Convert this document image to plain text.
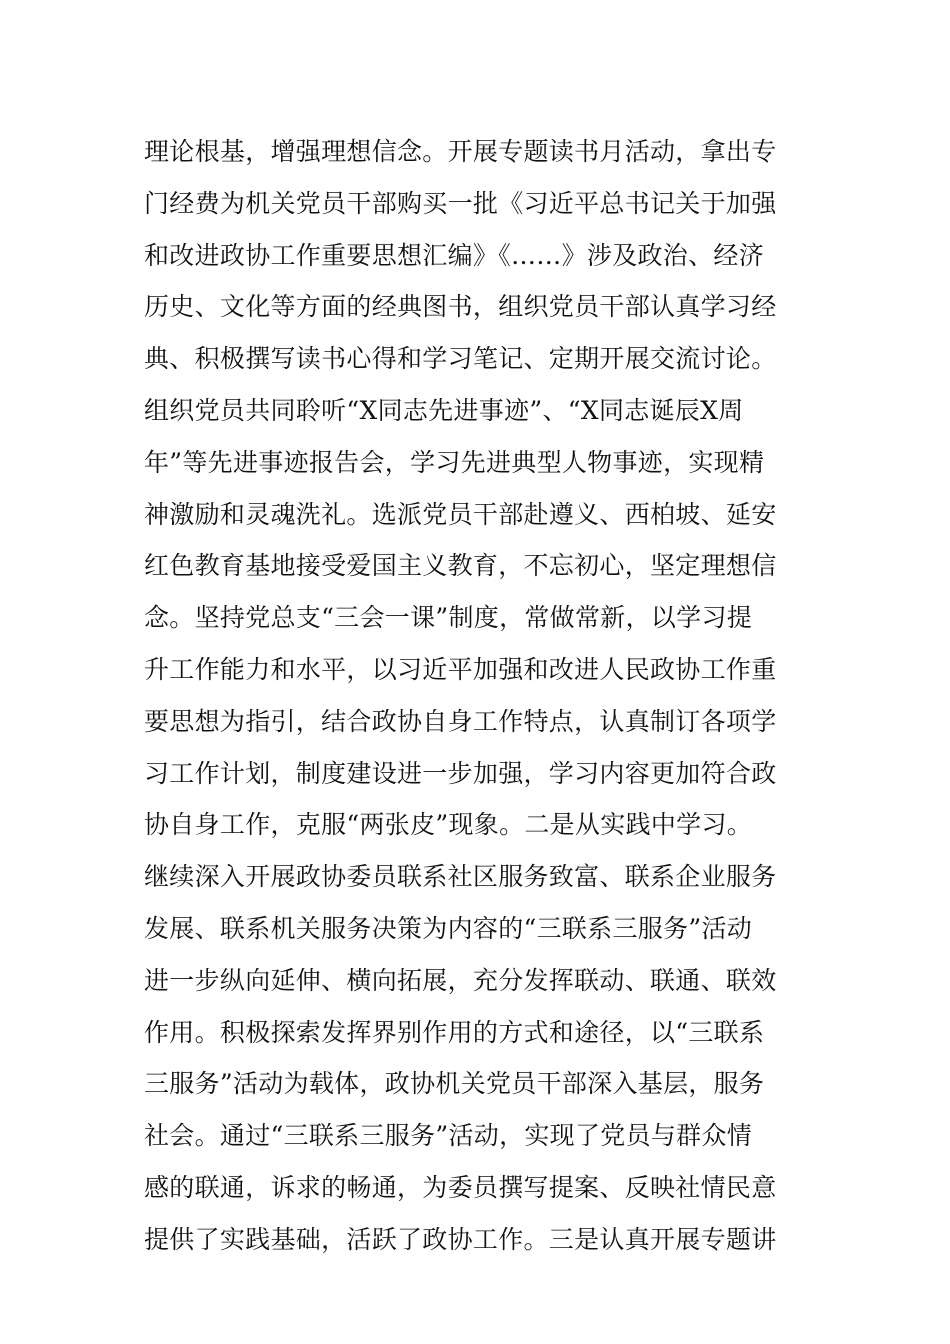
理论根基，增强理想信念。开展专题读书月活动，拿出专
门经费为机关党员干部购买一批《习近平总书记关于加强
和改进政协工作重要思想汇编》《……》涉及政治、经济
历史、文化等方面的经典图书，组织党员干部认真学习经
典、积极撰写读书心得和学习笔记、定期开展交流讨论。
组织党员共同聆听“X同志先进事迹”、“X同志诞辰X周
年”等先进事迹报告会，学习先进典型人物事迹，实现精
神激励和灵魂洗礼。选派党员干部赴遵义、西柏坡、延安
红色教育基地接受爱国主义教育，不忘初心，坚定理想信
念。坚持党总支“三会一课”制度，常做常新，以学习提
升工作能力和水平，以习近平加强和改进人民政协工作重
要思想为指引，结合政协自身工作特点，认真制订各项学
习工作计划，制度建设进一步加强，学习内容更加符合政
协自身工作，克服“两张皮”现象。二是从实践中学习。
继续深入开展政协委员联系社区服务致富、联系企业服务
发展、联系机关服务决策为内容的“三联系三服务”活动
进一步纵向延伸、横向拓展，充分发挥联动、联通、联效
作用。积极探索发挥界别作用的方式和途径，以“三联系
三服务”活动为载体，政协机关党员干部深入基层，服务
社会。通过“三联系三服务”活动，实现了党员与群众情
感的联通，诉求的畅通，为委员撰写提案、反映社情民意
提供了实践基础，活跃了政协工作。三是认真开展专题讲
